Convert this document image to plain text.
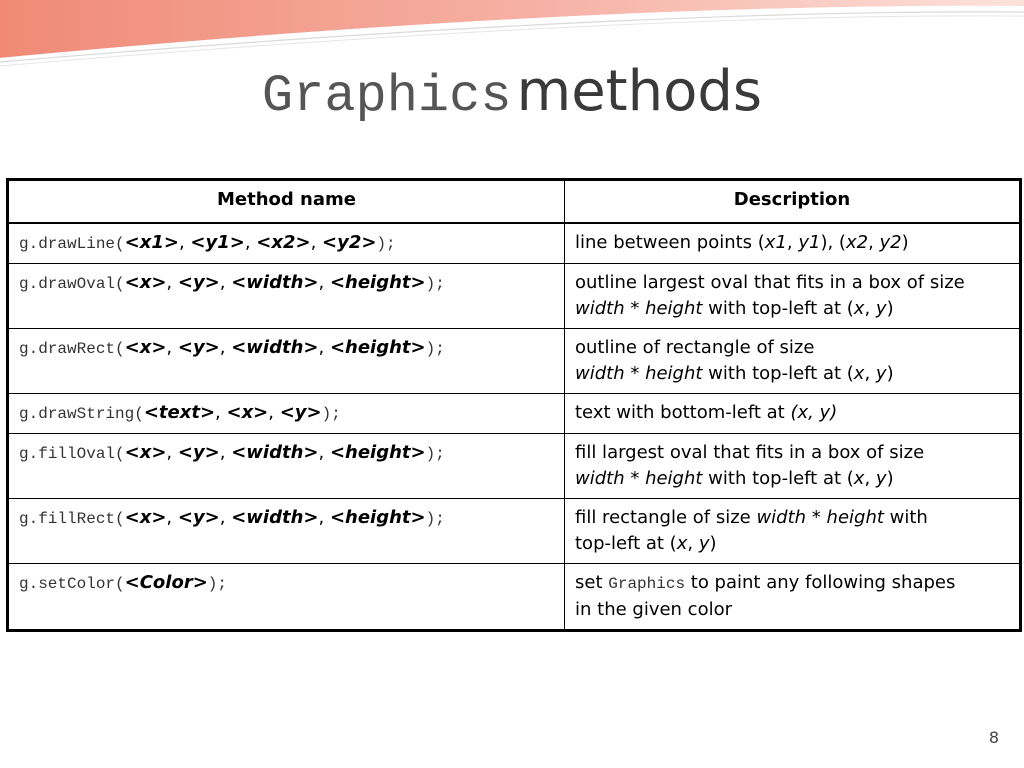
Graphics methods
Method name	Description
g.drawLine(<x1>, <y1>, <x2>, <y2>);	line between points (x1, y1), (x2, y2)
g.drawOval(<x>, <y>, <width>, <height>);	outline largest oval that fits in a box of size
width * height with top-left at (x, y)
g.drawRect(<x>, <y>, <width>, <height>);	outline of rectangle of size
width * height with top-left at (x, y)
g.drawString(<text>, <x>, <y>);	text with bottom-left at (x, y)
g.fillOval(<x>, <y>, <width>, <height>);	fill largest oval that fits in a box of size
width * height with top-left at (x, y)
g.fillRect(<x>, <y>, <width>, <height>);	fill rectangle of size width * height with
top-left at (x, y)
g.setColor(<Color>);	set Graphics to paint any following shapes
in the given color
8
